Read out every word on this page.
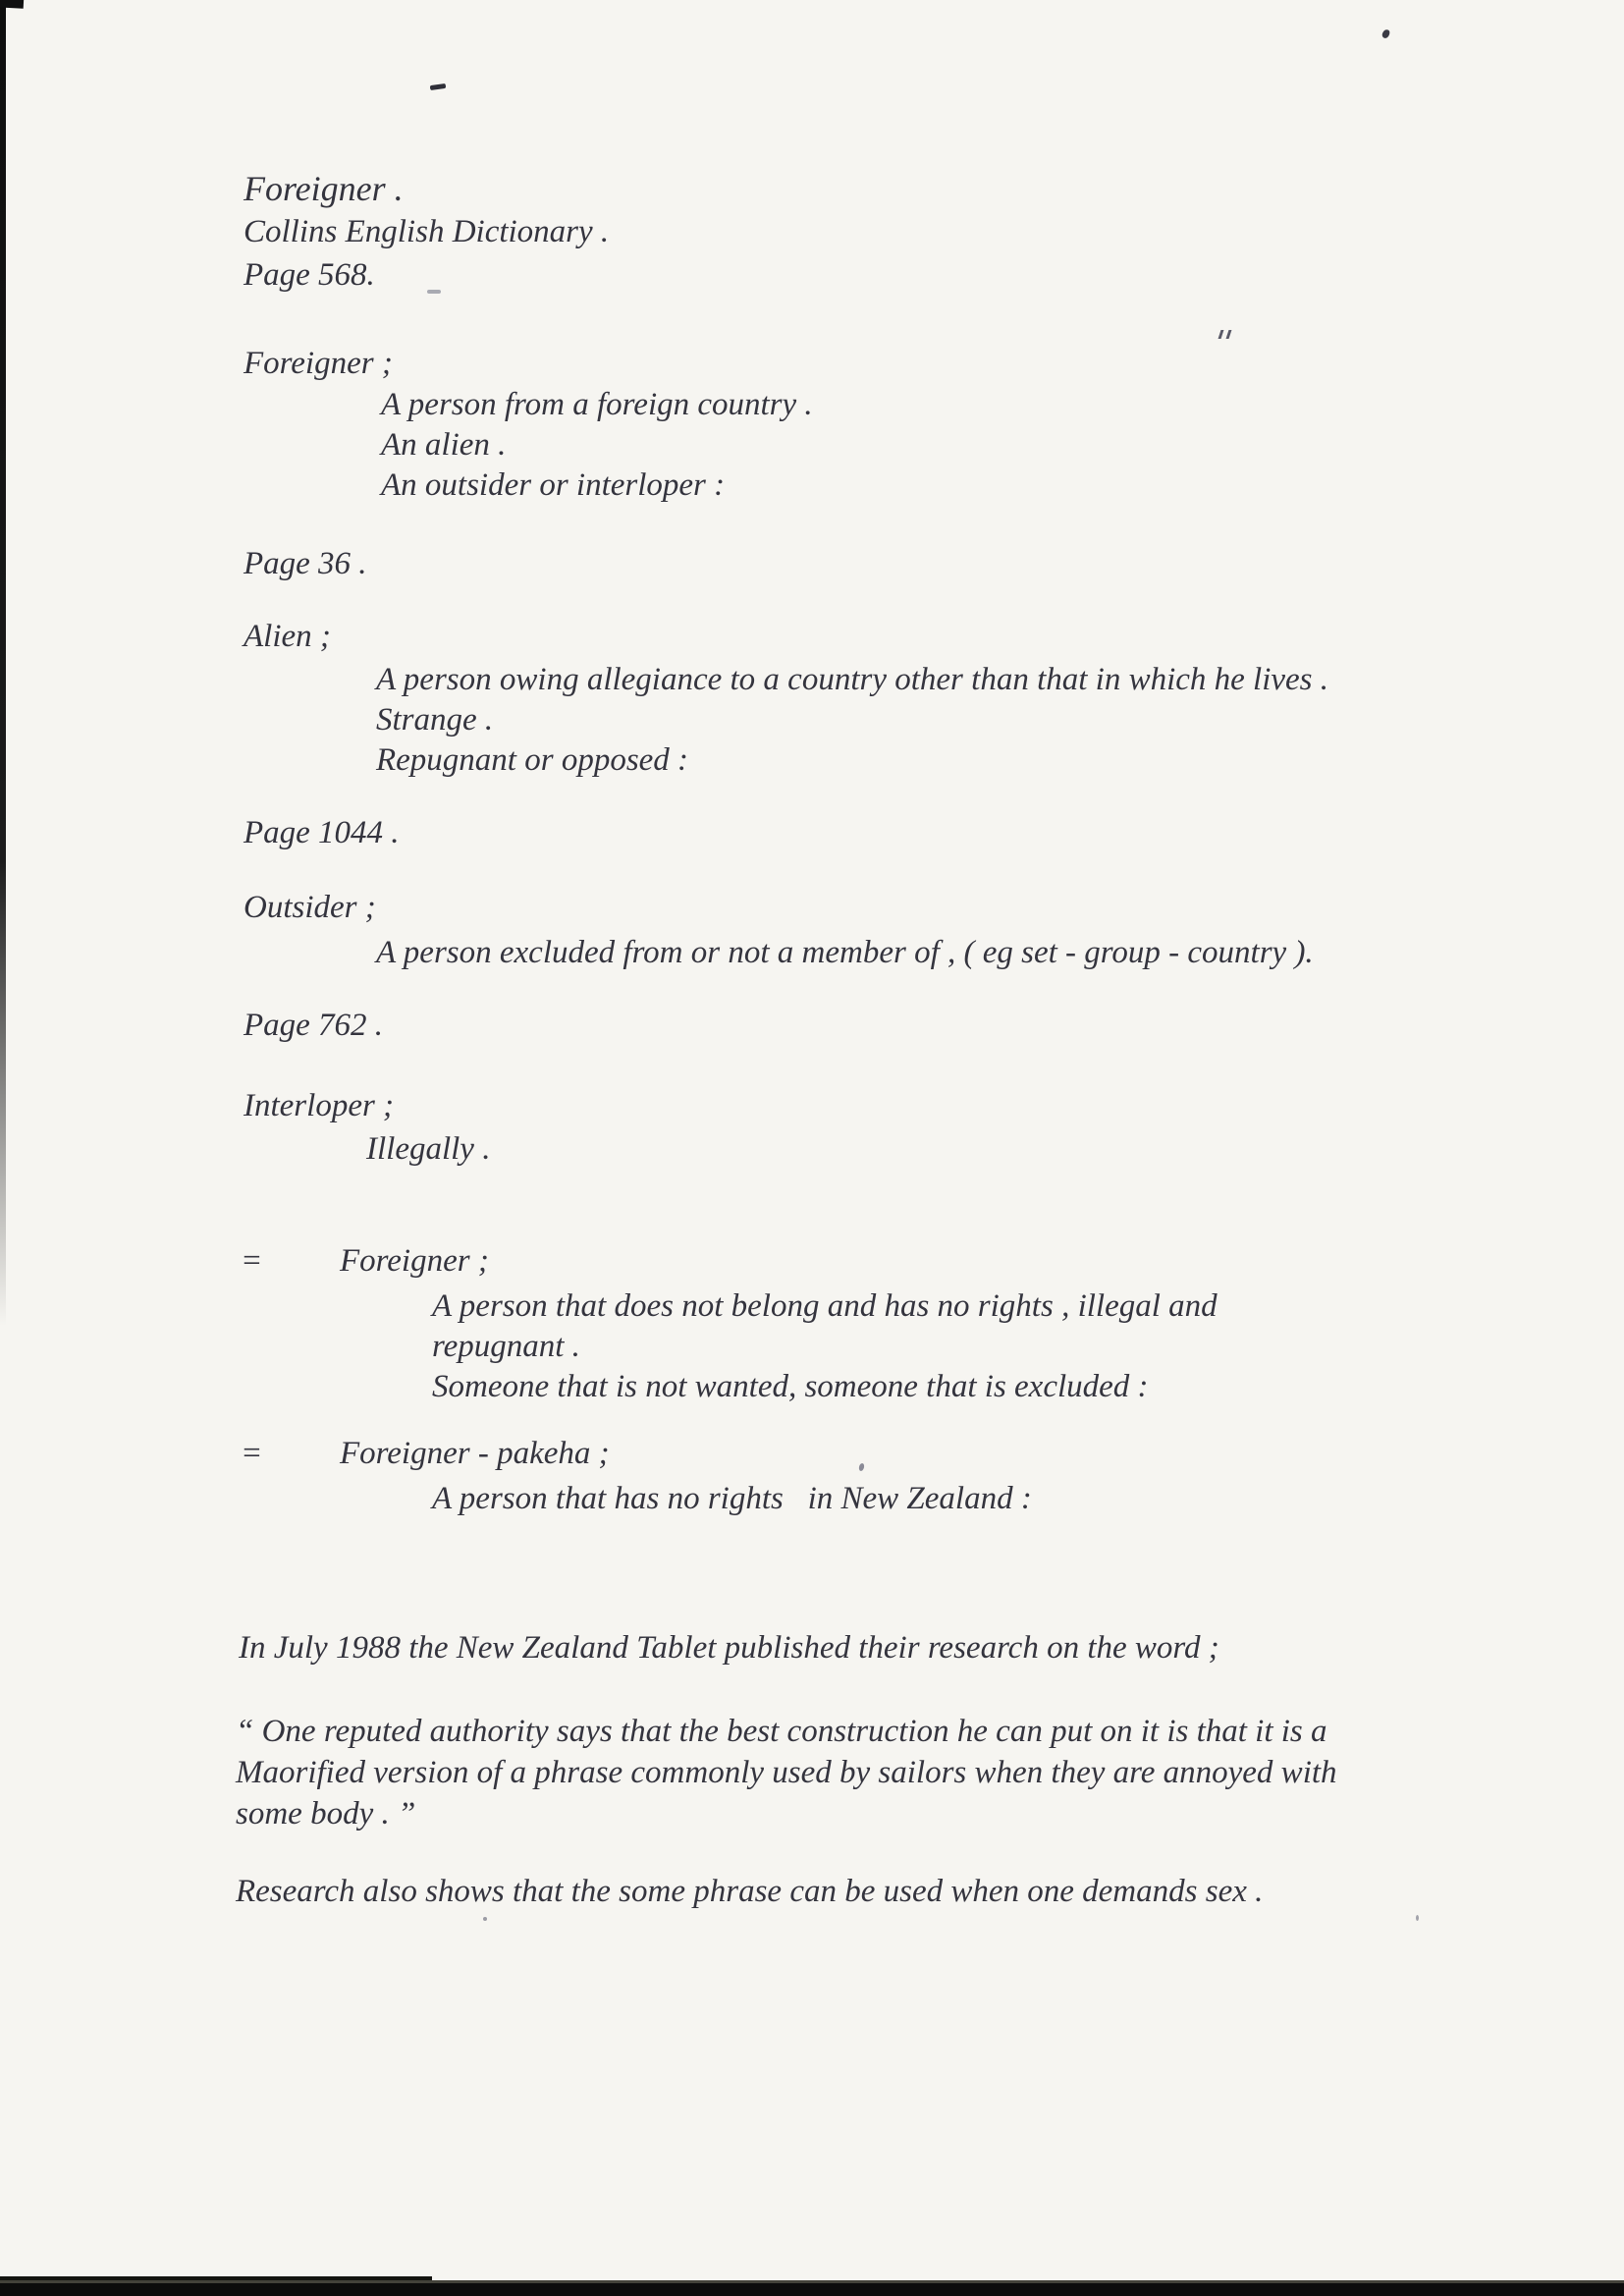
Foreigner .
Collins English Dictionary .
Page 568.
Foreigner ;
A person from a foreign country .
An alien .
An outsider or interloper :
Page 36 .
Alien ;
A person owing allegiance to a country other than that in which he lives .
Strange .
Repugnant or opposed :
Page 1044 .
Outsider ;
A person excluded from or not a member of , ( eg set - group - country ).
Page 762 .
Interloper ;
Illegally .
= Foreigner ;
A person that does not belong and has no rights , illegal and
repugnant .
Someone that is not wanted, someone that is excluded :
= Foreigner - pakeha ;
A person that has no rights   in New Zealand :
In July 1988 the New Zealand Tablet published their research on the word ;
“ One reputed authority says that the best construction he can put on it is that it is a
Maorified version of a phrase commonly used by sailors when they are annoyed with
some body . ”
Research also shows that the some phrase can be used when one demands sex .
